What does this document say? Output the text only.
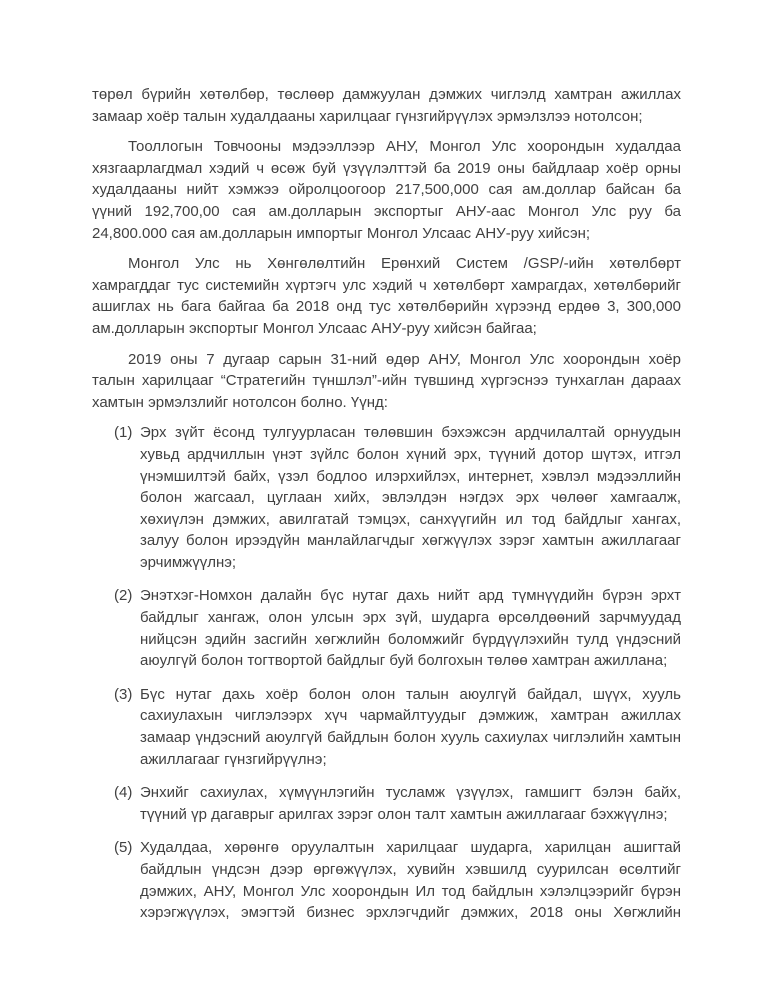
төрөл бүрийн хөтөлбөр, төслөөр дамжуулан дэмжих чиглэлд хамтран ажиллах
замаар хоёр талын худалдааны харилцааг гүнзгийрүүлэх эрмэлзлээ нотолсон;
Тооллогын Товчооны мэдээллээр АНУ, Монгол Улс хоорондын худалдаа
хязгаарлагдмал хэдий ч өсөж буй үзүүлэлттэй ба 2019 оны байдлаар хоёр орны
худалдааны нийт хэмжээ ойролцоогоор 217,500,000 сая ам.доллар байсан ба
үүний 192,700,00 сая ам.долларын экспортыг АНУ-аас Монгол Улс руу ба
24,800.000 сая ам.долларын импортыг Монгол Улсаас АНУ-руу хийсэн;
Монгол Улс нь Хөнгөлөлтийн Ерөнхий Систем /GSP/-ийн хөтөлбөрт
хамрагддаг тус системийн хүртэгч улс хэдий ч хөтөлбөрт хамрагдах, хөтөлбөрийг
ашиглах нь бага байгаа ба 2018 онд тус хөтөлбөрийн хүрээнд ердөө 3, 300,000
ам.долларын экспортыг Монгол Улсаас АНУ-руу хийсэн байгаа;
2019 оны 7 дугаар сарын 31-ний өдөр АНУ, Монгол Улс хоорондын хоёр
талын харилцааг “Стратегийн түншлэл”-ийн түвшинд хүргэснээ тунхаглан дараах
хамтын эрмэлзлийг нотолсон болно. Үүнд:
(1) Эрх зүйт ёсонд тулгуурласан төлөвшин бэхэжсэн ардчилалтай орнуудын
хувьд ардчиллын үнэт зүйлс болон хүний эрх, түүний дотор шүтэх, итгэл
үнэмшилтэй байх, үзэл бодлоо илэрхийлэх, интернет, хэвлэл мэдээллийн
болон жагсаал, цуглаан хийх, эвлэлдэн нэгдэх эрх чөлөөг хамгаалж,
хөхиүлэн дэмжих, авилгатай тэмцэх, санхүүгийн ил тод байдлыг хангах,
залуу болон ирээдүйн манлайлагчдыг хөгжүүлэх зэрэг хамтын ажиллагааг
эрчимжүүлнэ;
(2) Энэтхэг-Номхон далайн бүс нутаг дахь нийт ард түмнүүдийн бүрэн эрхт
байдлыг хангаж, олон улсын эрх зүй, шударга өрсөлдөөний зарчмуудад
нийцсэн эдийн засгийн хөгжлийн боломжийг бүрдүүлэхийн тулд үндэсний
аюулгүй болон тогтвортой байдлыг буй болгохын төлөө хамтран ажиллана;
(3) Бүс нутаг дахь хоёр болон олон талын аюулгүй байдал, шүүх, хууль
сахиулахын чиглэлээрх хүч чармайлтуудыг дэмжиж, хамтран ажиллах
замаар үндэсний аюулгүй байдлын болон хууль сахиулах чиглэлийн хамтын
ажиллагааг гүнзгийрүүлнэ;
(4) Энхийг сахиулах, хүмүүнлэгийн тусламж үзүүлэх, гамшигт бэлэн байх,
түүний үр дагаврыг арилгах зэрэг олон талт хамтын ажиллагааг бэхжүүлнэ;
(5) Худалдаа, хөрөнгө оруулалтын харилцааг шударга, харилцан ашигтай
байдлын үндсэн дээр өргөжүүлэх, хувийн хэвшилд суурилсан өсөлтийг
дэмжих, АНУ, Монгол Улс хоорондын Ил тод байдлын хэлэлцээрийг бүрэн
хэрэгжүүлэх, эмэгтэй бизнес эрхлэгчдийг дэмжих, 2018 оны Хөгжлийн
